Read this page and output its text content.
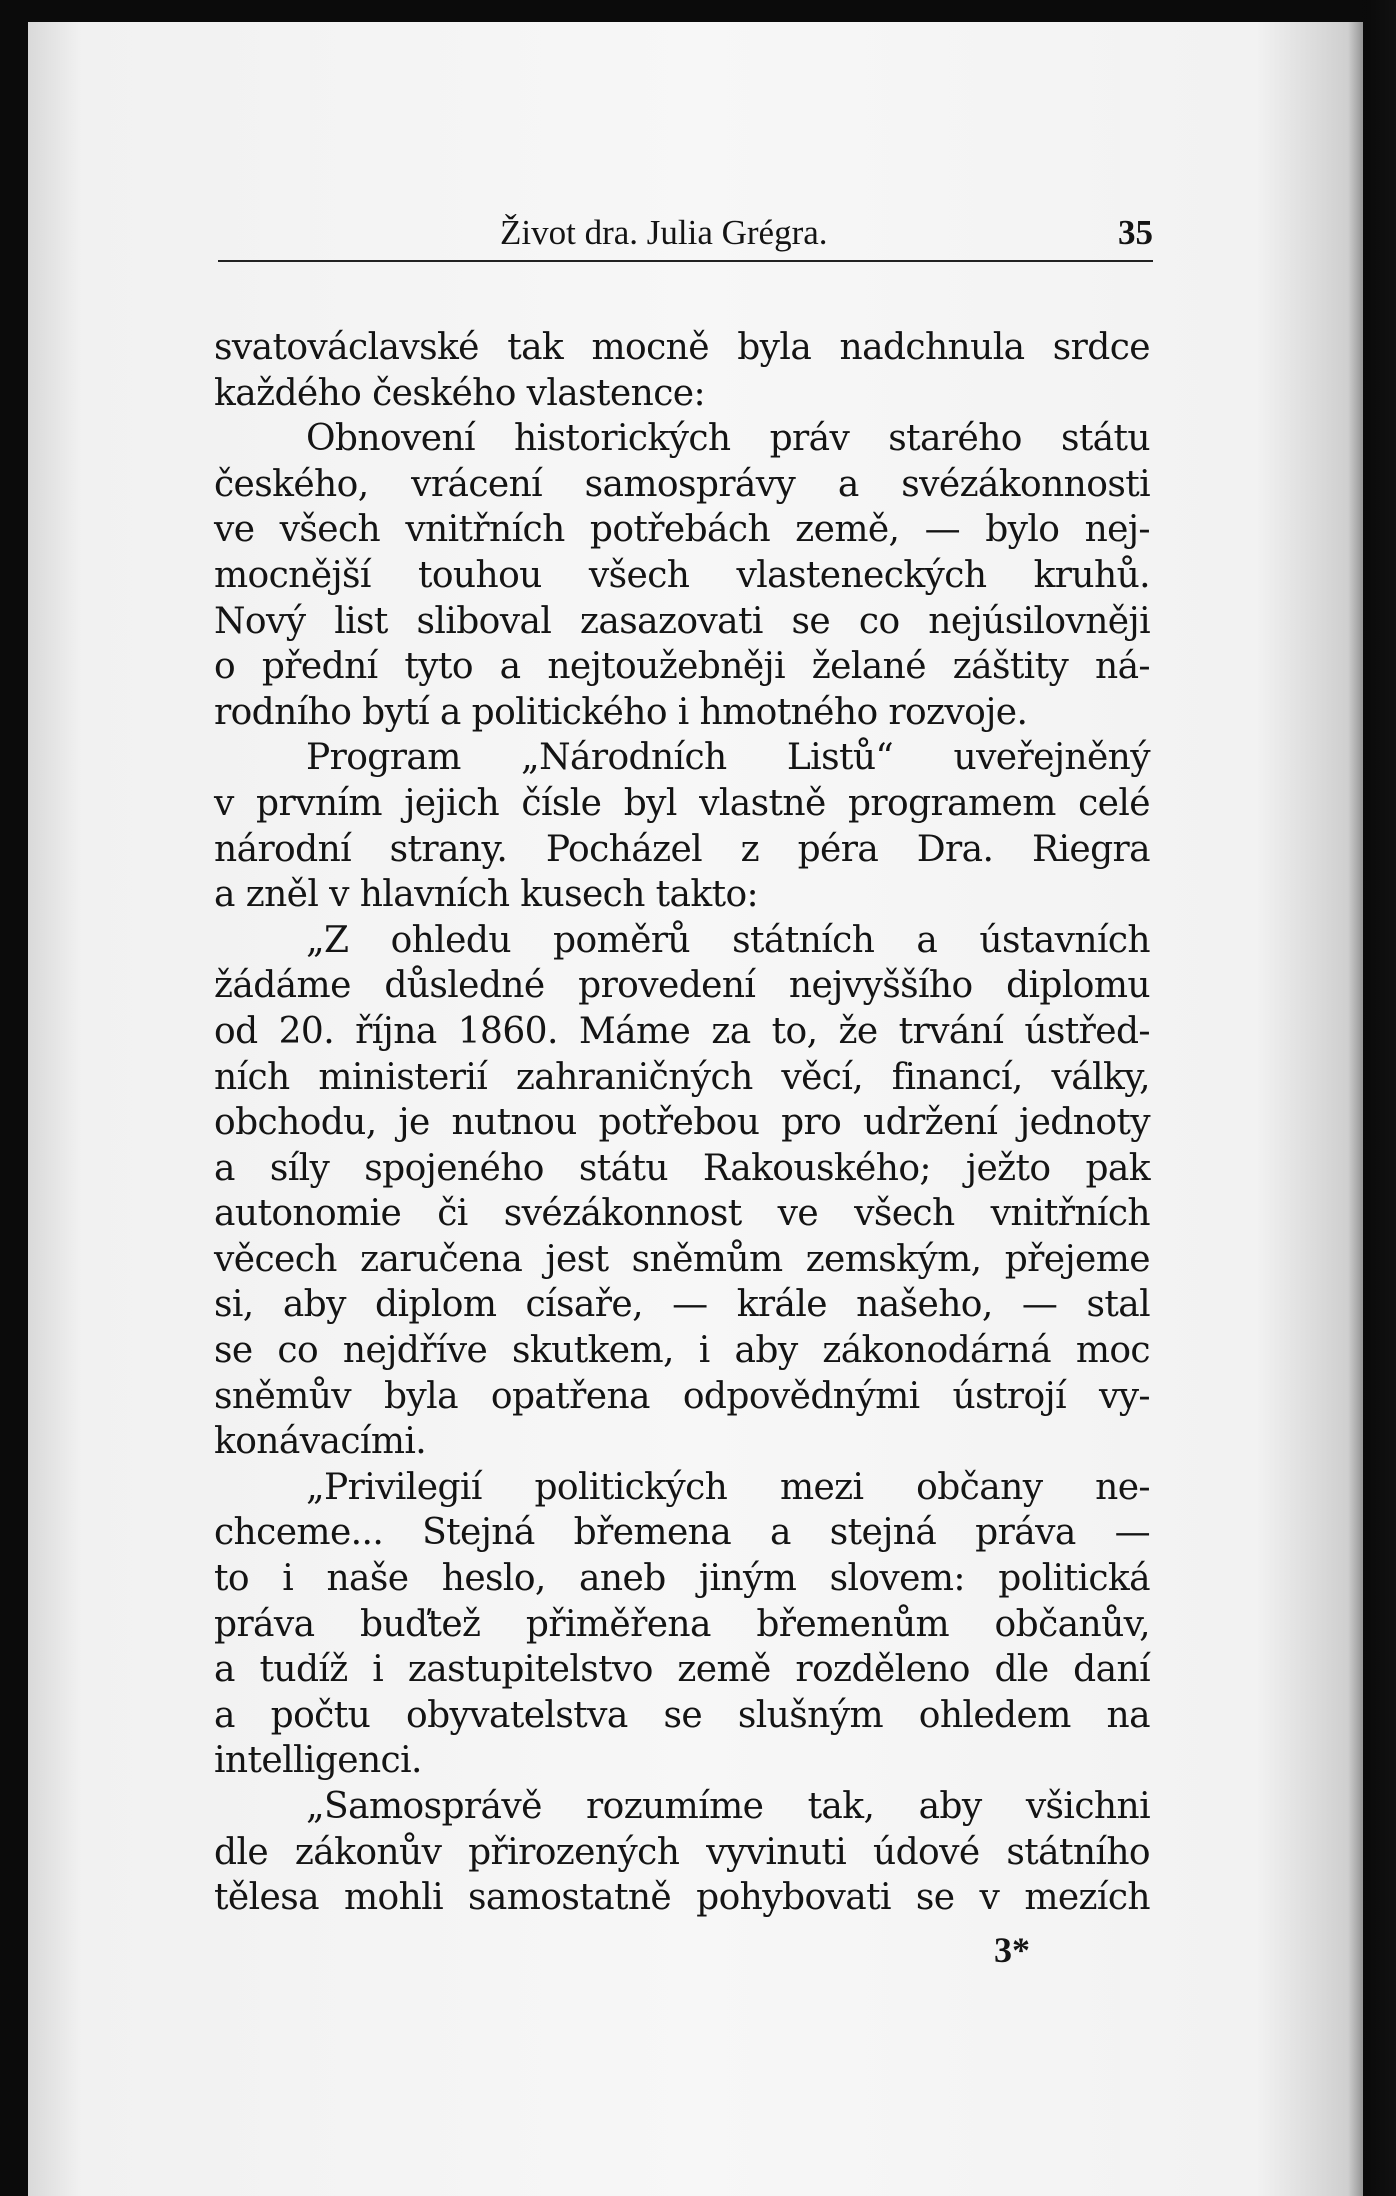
Život dra. Julia Grégra.	35
svatováclavské tak mocně byla nadchnula srdce
každého českého vlastence:
Obnovení historických práv starého státu
českého, vrácení samosprávy a svézákonnosti
ve všech vnitřních potřebách země, — bylo nej-
mocnější touhou všech vlasteneckých kruhů.
Nový list sliboval zasazovati se co nejúsilovněji
o přední tyto a nejtoužebněji želané záštity ná-
rodního bytí a politického i hmotného rozvoje.
Program „Národních Listů“ uveřejněný
v prvním jejich čísle byl vlastně programem celé
národní strany. Pocházel z péra Dra. Riegra
a zněl v hlavních kusech takto:
„Z ohledu poměrů státních a ústavních
žádáme důsledné provedení nejvyššího diplomu
od 20. října 1860. Máme za to, že trvání ústřed-
ních ministerií zahraničných věcí, financí, války,
obchodu, je nutnou potřebou pro udržení jednoty
a síly spojeného státu Rakouského; ježto pak
autonomie či svézákonnost ve všech vnitřních
věcech zaručena jest sněmům zemským, přejeme
si, aby diplom císaře, — krále našeho, — stal
se co nejdříve skutkem, i aby zákonodárná moc
sněmův byla opatřena odpovědnými ústrojí vy-
konávacími.
„Privilegií politických mezi občany ne-
chceme... Stejná břemena a stejná práva —
to i naše heslo, aneb jiným slovem: politická
práva buďtež přiměřena břemenům občanův,
a tudíž i zastupitelstvo země rozděleno dle daní
a počtu obyvatelstva se slušným ohledem na
intelligenci.
„Samosprávě rozumíme tak, aby všichni
dle zákonův přirozených vyvinuti údové státního
tělesa mohli samostatně pohybovati se v mezích
3*
